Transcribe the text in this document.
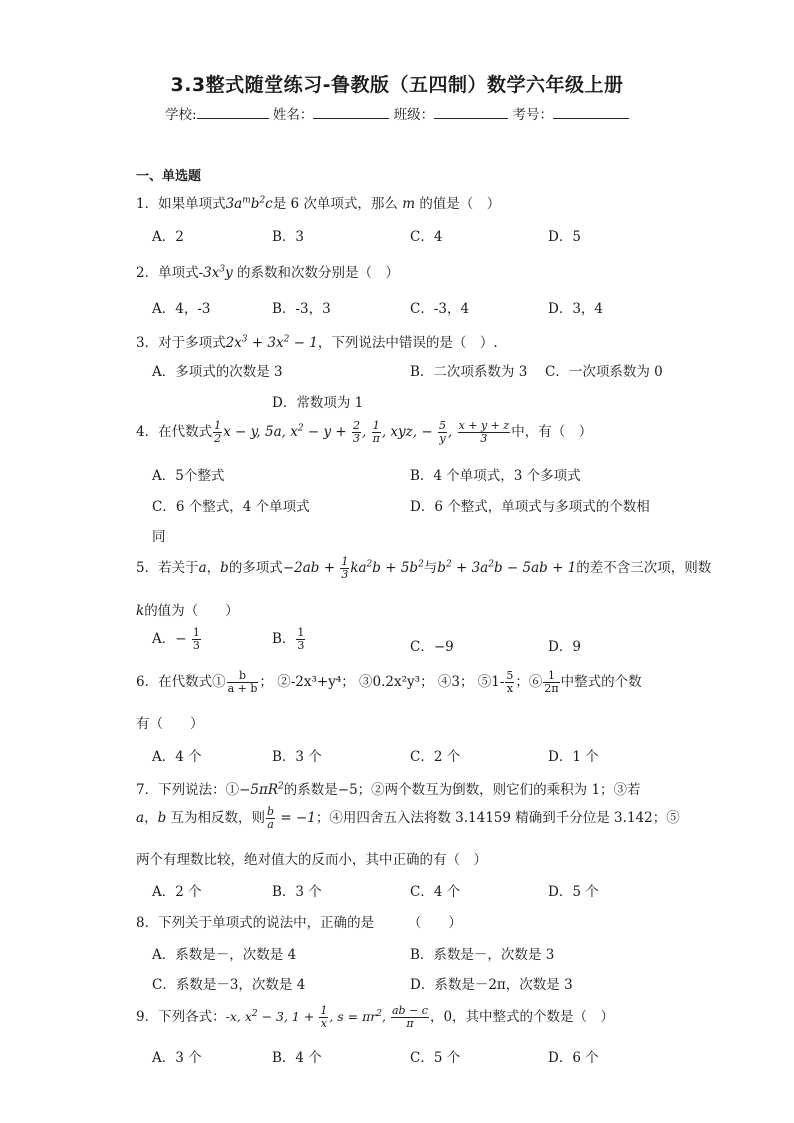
3.3整式随堂练习-鲁教版（五四制）数学六年级上册
学校:	姓名：	班级：	考号：
一、单选题
1．如果单项式$3a^mb^2c$是 6 次单项式，那么 m 的值是（　）
A．2	B．3	C．4	D．5
2．单项式$-3x^3y$ 的系数和次数分别是（　）
A．4，-3	B．-3，3	C．-3，4	D．3，4
3．对于多项式$2x^3 + 3x^2 - 1$，下列说法中错误的是（　）.
A．多项式的次数是 3	B．二次项系数为 3 C．一次项系数为 0
D．常数项为 1
4．在代数式 $\frac{1}{2}$ x − y, 5a, $x^2 - y + \frac{2}{3}$ , $\frac{1}{\pi}$ , xyz, − $\frac{5}{y}$ , $\frac{x + y + z}{3}$ 中，有（　）
A．5个整式	B．4 个单项式，3 个多项式
C．6 个整式，4 个单项式	D．6 个整式，单项式与多项式的个数相
同
5．若关于a，b的多项式$-2ab + \frac{1}{3} ka^2b + 5b^2$与$b^2 + 3a^2b - 5ab + 1$的差不含三次项，则数
k的值为（　　）
A．− $\frac{1}{3}$	B． $\frac{1}{3}$	C．−9	D．9
6．在代数式① $\frac{b}{a + b}$ ； ②-2x³+y⁴； ③0.2x²y³； ④3； ⑤1- $\frac{5}{x}$ ；⑥ $\frac{1}{2\pi}$ 中整式的个数
有（　　）
A．4 个	B．3 个	C．2 个	D．1 个
7．下列说法：$①-5\pi R^2$的系数是−5；②两个数互为倒数，则它们的乘积为 1；③若
a，b 互为相反数，则 $\frac{b}{a} = -1$；④用四舍五入法将数 3.14159 精确到千分位是 3.142；⑤
两个有理数比较，绝对值大的反而小，其中正确的有（　）
A．2 个	B．3 个	C．4 个	D．5 个
8．下列关于单项式的说法中，正确的是　　　（　　）
A．系数是－，次数是 4	B．系数是－，次数是 3
C．系数是－3，次数是 4	D．系数是－2π，次数是 3
9．下列各式：-x, $x^2 - 3$, $1 + \frac{1}{x}$ , $s = \pi r^2$, $\frac{ab - c}{\pi}$ ，0，其中整式的个数是（　）
A．3 个	B．4 个	C．5 个	D．6 个
